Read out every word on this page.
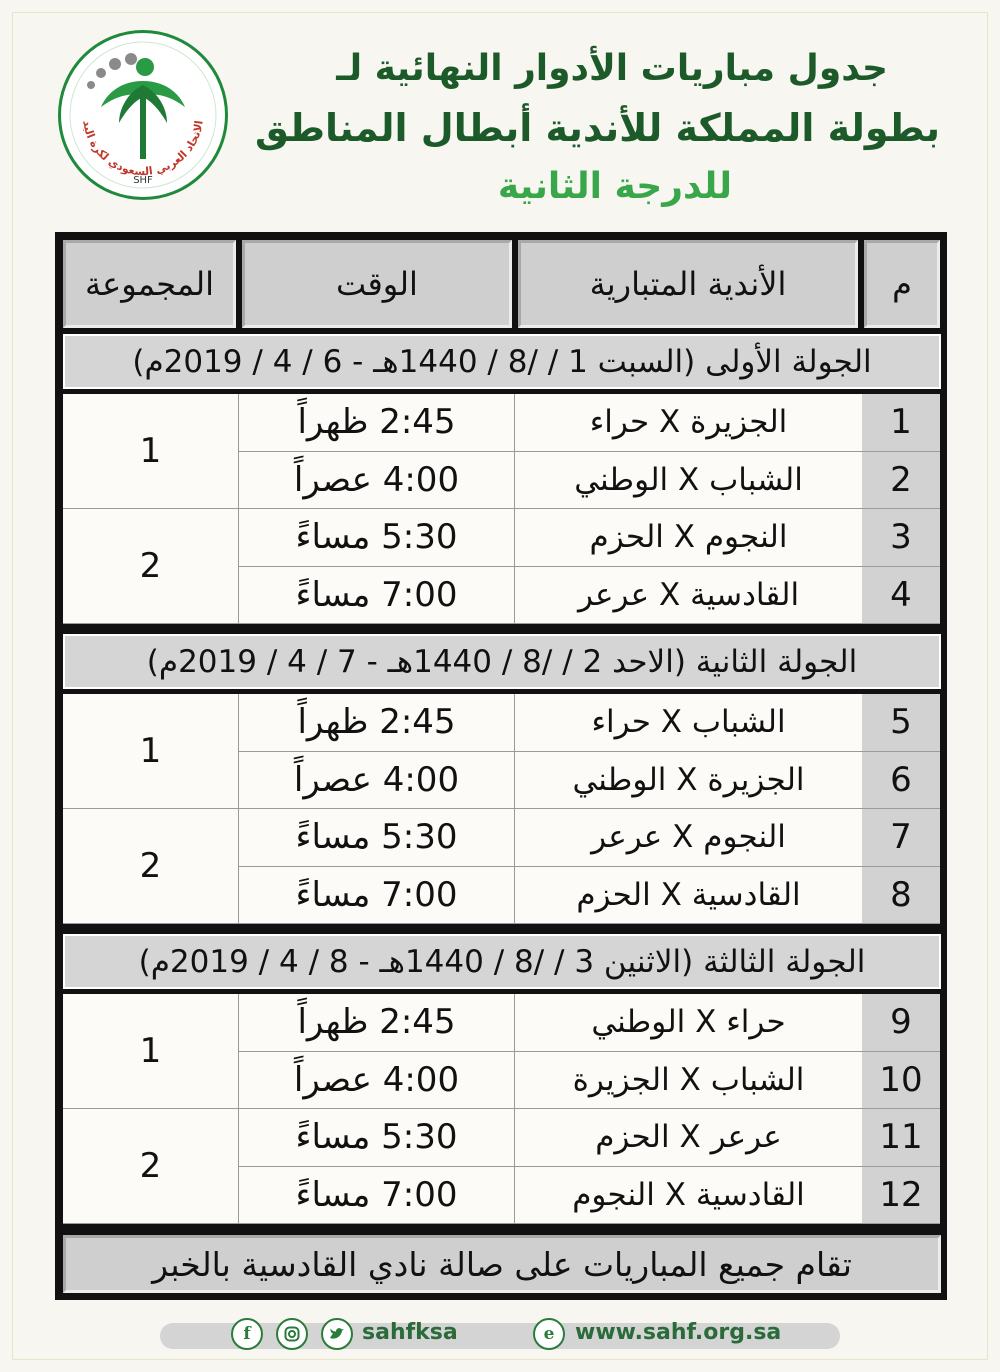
الاتحاد العربي السعودي لكرة اليد
SHF
جدول مباريات الأدوار النهائية لـ
بطولة المملكة للأندية أبطال المناطق
للدرجة الثانية
م
الأندية المتبارية
الوقت
المجموعة
الجولة الأولى (السبت 1 / /8 / 1440هـ - 6 / 4 / 2019م)
1
الجزيرة X حراء
2:45 ظهراً
2
الشباب X الوطني
4:00 عصراً
3
النجوم X الحزم
5:30 مساءً
4
القادسية X عرعر
7:00 مساءً
1
2
الجولة الثانية (الاحد 2 / /8 / 1440هـ - 7 / 4 / 2019م)
5
الشباب X حراء
2:45 ظهراً
6
الجزيرة X الوطني
4:00 عصراً
7
النجوم X عرعر
5:30 مساءً
8
القادسية X الحزم
7:00 مساءً
1
2
الجولة الثالثة (الاثنين 3 / /8 / 1440هـ - 8 / 4 / 2019م)
9
حراء X الوطني
2:45 ظهراً
10
الشباب X الجزيرة
4:00 عصراً
11
عرعر X الحزم
5:30 مساءً
12
القادسية X النجوم
7:00 مساءً
1
2
تقام جميع المباريات على صالة نادي القادسية بالخبر
f	sahfksa	e www.sahf.org.sa
